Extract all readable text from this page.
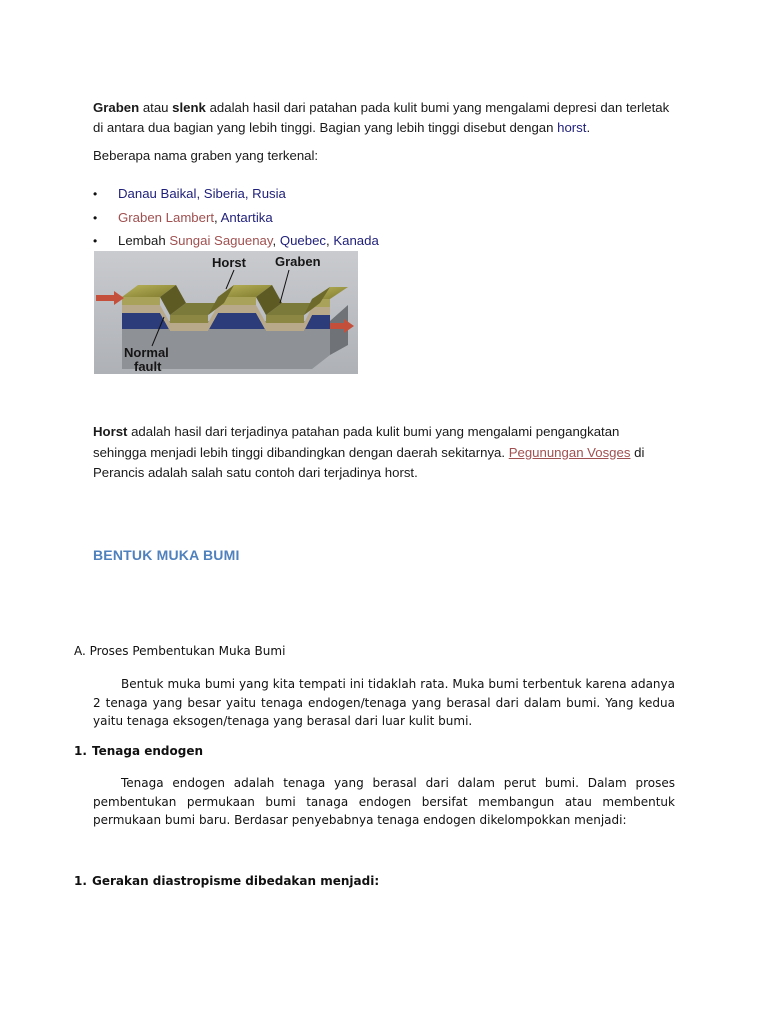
Graben atau slenk adalah hasil dari patahan pada kulit bumi yang mengalami depresi dan terletak di antara dua bagian yang lebih tinggi. Bagian yang lebih tinggi disebut dengan horst.
Beberapa nama graben yang terkenal:
• Danau Baikal, Siberia, Rusia
• Graben Lambert, Antartika
• Lembah Sungai Saguenay, Quebec, Kanada
Horst Graben
Normal
fault
Horst adalah hasil dari terjadinya patahan pada kulit bumi yang mengalami pengangkatan sehingga menjadi lebih tinggi dibandingkan dengan daerah sekitarnya. Pegunungan Vosges di Perancis adalah salah satu contoh dari terjadinya horst.
BENTUK MUKA BUMI
A. Proses Pembentukan Muka Bumi
Bentuk muka bumi yang kita tempati ini tidaklah rata. Muka bumi terbentuk karena adanya 2 tenaga yang besar yaitu tenaga endogen/tenaga yang berasal dari dalam bumi. Yang kedua yaitu tenaga eksogen/tenaga yang berasal dari luar kulit bumi.
1. Tenaga endogen
Tenaga endogen adalah tenaga yang berasal dari dalam perut bumi. Dalam proses pembentukan permukaan bumi tanaga endogen bersifat membangun atau membentuk permukaan bumi baru. Berdasar penyebabnya tenaga endogen dikelompokkan menjadi:
1. Gerakan diastropisme dibedakan menjadi:
